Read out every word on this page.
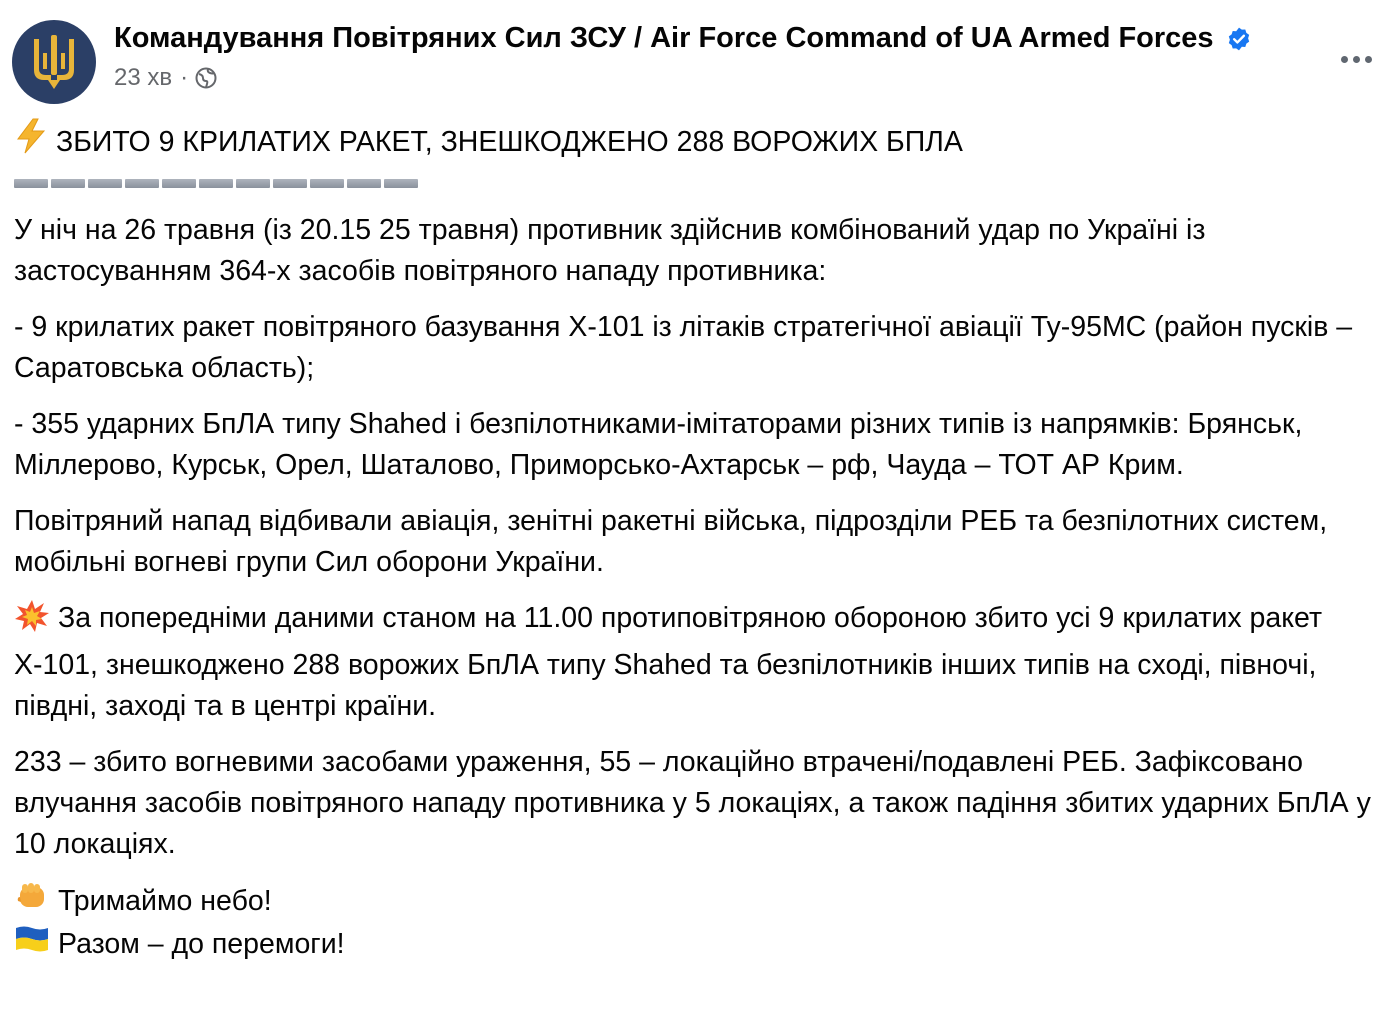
Командування Повітряних Сил ЗСУ / Air Force Command of UA Armed Forces
23 хв ·

ЗБИТО 9 КРИЛАТИХ РАКЕТ, ЗНЕШКОДЖЕНО 288 ВОРОЖИХ БПЛА

У ніч на 26 травня (із 20.15 25 травня) противник здійснив комбінований удар по Україні із застосуванням 364-х засобів повітряного нападу противника:

- 9 крилатих ракет повітряного базування Х-101 із літаків стратегічної авіації Ту-95МС (район пусків – Саратовська область);

- 355 ударних БпЛА типу Shahed і безпілотниками-імітаторами різних типів із напрямків: Брянськ, Міллерово, Курськ, Орел, Шаталово, Приморсько-Ахтарськ – рф, Чауда – ТОТ АР Крим.

Повітряний напад відбивали авіація, зенітні ракетні війська, підрозділи РЕБ та безпілотних систем, мобільні вогневі групи Сил оборони України.

За попередніми даними станом на 11.00 протиповітряною обороною збито усі 9 крилатих ракет Х-101, знешкоджено 288 ворожих БпЛА типу Shahed та безпілотників інших типів на сході, півночі, півдні, заході та в центрі країни.

233 – збито вогневими засобами ураження, 55 – локаційно втрачені/подавлені РЕБ. Зафіксовано влучання засобів повітряного нападу противника у 5 локаціях, а також падіння збитих ударних БпЛА у 10 локаціях.

Тримаймо небо!

Разом – до перемоги!
